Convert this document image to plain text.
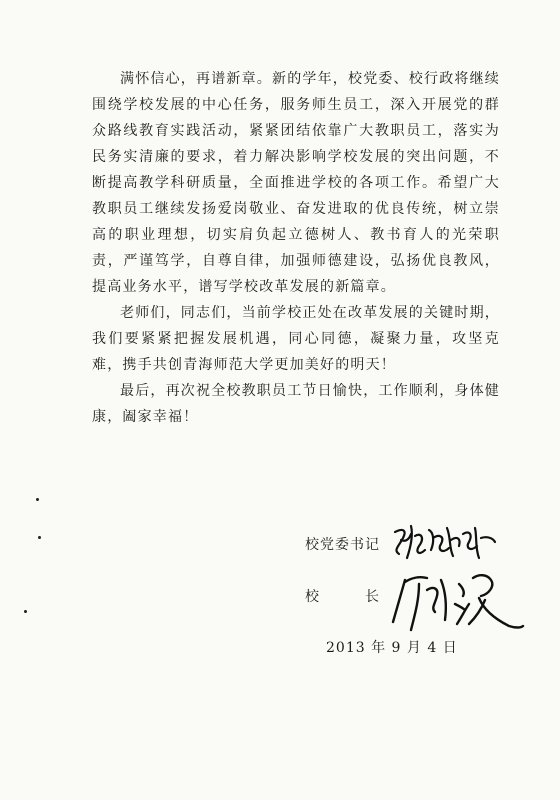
满怀信心，再谱新章。新的学年，校党委、校行政将继续围绕学校发展的中心任务，服务师生员工，深入开展党的群众路线教育实践活动，紧紧团结依靠广大教职员工，落实为民务实清廉的要求，着力解决影响学校发展的突出问题，不断提高教学科研质量，全面推进学校的各项工作。希望广大教职员工继续发扬爱岗敬业、奋发进取的优良传统，树立崇高的职业理想，切实肩负起立德树人、教书育人的光荣职责，严谨笃学，自尊自律，加强师德建设，弘扬优良教风，提高业务水平，谱写学校改革发展的新篇章。

老师们，同志们，当前学校正处在改革发展的关键时期，我们要紧紧把握发展机遇，同心同德，凝聚力量，攻坚克难，携手共创青海师范大学更加美好的明天！

最后，再次祝全校教职员工节日愉快，工作顺利，身体健康，阖家幸福！

校党委书记
校	长
2013 年 9 月 4 日
